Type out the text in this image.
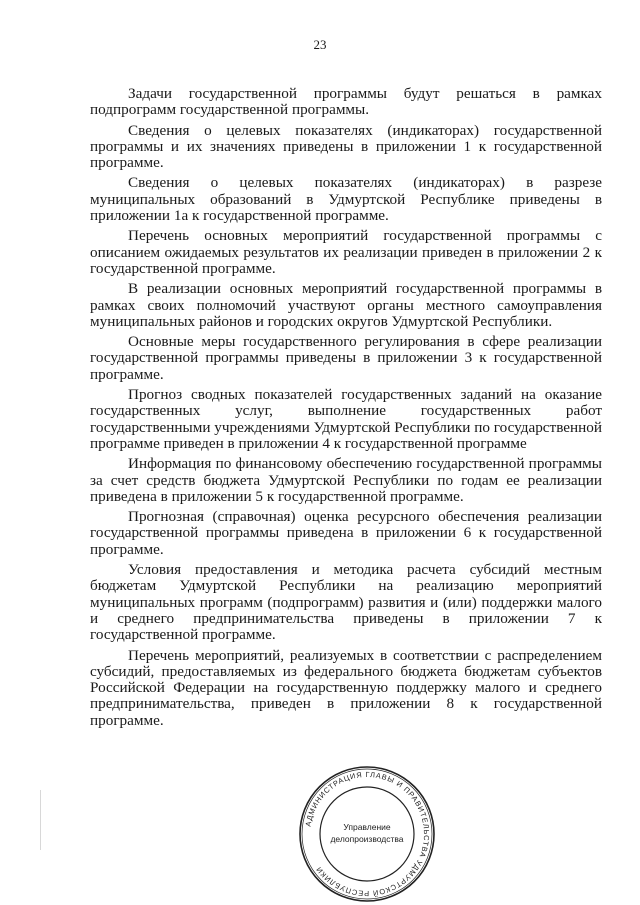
23

Задачи государственной программы будут решаться в рамках подпрограмм государственной программы.

Сведения о целевых показателях (индикаторах) государственной программы и их значениях приведены в приложении 1 к государственной программе.

Сведения о целевых показателях (индикаторах) в разрезе муниципальных образований в Удмуртской Республике приведены в приложении 1а к государственной программе.

Перечень основных мероприятий государственной программы с описанием ожидаемых результатов их реализации приведен в приложении 2 к государственной программе.

В реализации основных мероприятий государственной программы в рамках своих полномочий участвуют органы местного самоуправления муниципальных районов и городских округов Удмуртской Республики.

Основные меры государственного регулирования в сфере реализации государственной программы приведены в приложении 3 к государственной программе.

Прогноз сводных показателей государственных заданий на оказание государственных услуг, выполнение государственных работ государственными учреждениями Удмуртской Республики по государственной программе приведен в приложении 4 к государственной программе

Информация по финансовому обеспечению государственной программы за счет средств бюджета Удмуртской Республики по годам ее реализации приведена в приложении 5 к государственной программе.

Прогнозная (справочная) оценка ресурсного обеспечения реализации государственной программы приведена в приложении 6 к государственной программе.

Условия предоставления и методика расчета субсидий местным бюджетам Удмуртской Республики на реализацию мероприятий муниципальных программ (подпрограмм) развития и (или) поддержки малого и среднего предпринимательства приведены в приложении 7 к государственной программе.

Перечень мероприятий, реализуемых в соответствии с распределением субсидий, предоставляемых из федерального бюджета бюджетам субъектов Российской Федерации на государственную поддержку малого и среднего предпринимательства, приведен в приложении 8 к государственной программе.

АДМИНИСТРАЦИЯ ГЛАВЫ И ПРАВИТЕЛЬСТВА УДМУРТСКОЙ РЕСПУБЛИКИ
Управление
делопроизводства
